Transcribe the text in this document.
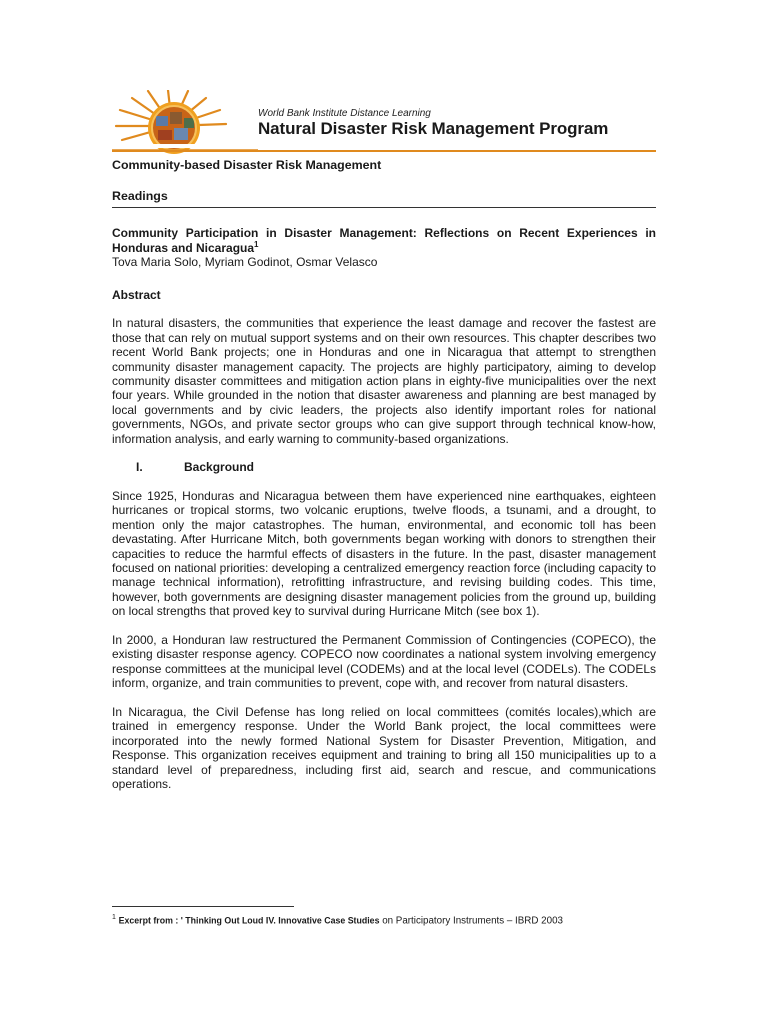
World Bank Institute Distance Learning
Natural Disaster Risk Management Program
Community-based Disaster Risk Management
Readings
Community Participation in Disaster Management: Reflections on Recent Experiences in Honduras and Nicaragua$^1$
Tova Maria Solo, Myriam Godinot, Osmar Velasco
Abstract

In natural disasters, the communities that experience the least damage and recover the fastest are those that can rely on mutual support systems and on their own resources. This chapter describes two recent World Bank projects; one in Honduras and one in Nicaragua that attempt to strengthen community disaster management capacity. The projects are highly participatory, aiming to develop community disaster committees and mitigation action plans in eighty-five municipalities over the next four years. While grounded in the notion that disaster awareness and planning are best managed by local governments and by civic leaders, the projects also identify important roles for national governments, NGOs, and private sector groups who can give support through technical know-how, information analysis, and early warning to community-based organizations.

I.	Background

Since 1925, Honduras and Nicaragua between them have experienced nine earthquakes, eighteen hurricanes or tropical storms, two volcanic eruptions, twelve floods, a tsunami, and a drought, to mention only the major catastrophes. The human, environmental, and economic toll has been devastating. After Hurricane Mitch, both governments began working with donors to strengthen their capacities to reduce the harmful effects of disasters in the future. In the past, disaster management focused on national priorities: developing a centralized emergency reaction force (including capacity to manage technical information), retrofitting infrastructure, and revising building codes. This time, however, both governments are designing disaster management policies from the ground up, building on local strengths that proved key to survival during Hurricane Mitch (see box 1).

In 2000, a Honduran law restructured the Permanent Commission of Contingencies (COPECO), the existing disaster response agency. COPECO now coordinates a national system involving emergency response committees at the municipal level (CODEMs) and at the local level (CODELs). The CODELs inform, organize, and train communities to prevent, cope with, and recover from natural disasters.

In Nicaragua, the Civil Defense has long relied on local committees (comités locales),which are trained in emergency response. Under the World Bank project, the local committees were incorporated into the newly formed National System for Disaster Prevention, Mitigation, and Response. This organization receives equipment and training to bring all 150 municipalities up to a standard level of preparedness, including first aid, search and rescue, and communications operations.

$^1$ Excerpt from : ' Thinking Out Loud IV. Innovative Case Studies on Participatory Instruments – IBRD 2003
